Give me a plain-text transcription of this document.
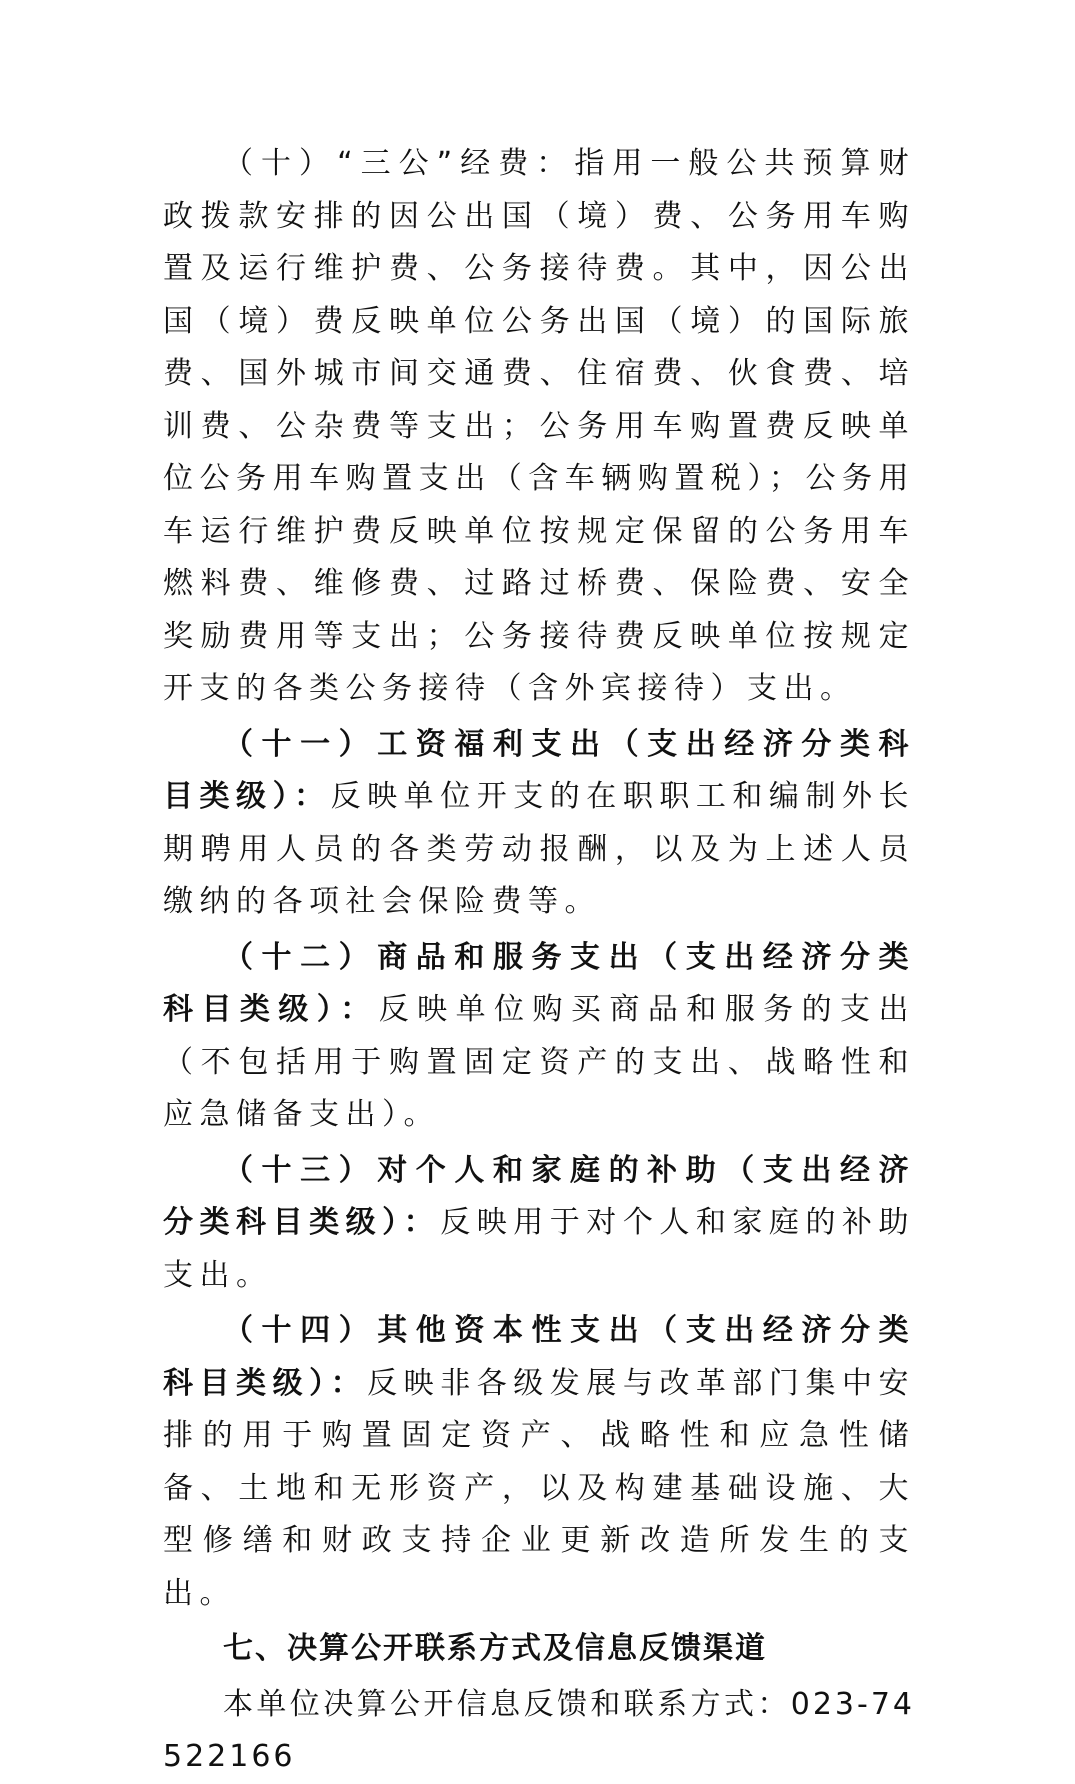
（十）“三公”经费：指用一般公共预算财政拨款安排的因公出国（境）费、公务用车购置及运行维护费、公务接待费。其中，因公出国（境）费反映单位公务出国（境）的国际旅费、国外城市间交通费、住宿费、伙食费、培训费、公杂费等支出；公务用车购置费反映单位公务用车购置支出（含车辆购置税）；公务用车运行维护费反映单位按规定保留的公务用车燃料费、维修费、过路过桥费、保险费、安全奖励费用等支出；公务接待费反映单位按规定开支的各类公务接待（含外宾接待）支出。

（十一）工资福利支出（支出经济分类科目类级）：反映单位开支的在职职工和编制外长期聘用人员的各类劳动报酬，以及为上述人员缴纳的各项社会保险费等。

（十二）商品和服务支出（支出经济分类科目类级）：反映单位购买商品和服务的支出（不包括用于购置固定资产的支出、战略性和应急储备支出）。

（十三）对个人和家庭的补助（支出经济分类科目类级）：反映用于对个人和家庭的补助支出。

（十四）其他资本性支出（支出经济分类科目类级）：反映非各级发展与改革部门集中安排的用于购置固定资产、战略性和应急性储备、土地和无形资产，以及构建基础设施、大型修缮和财政支持企业更新改造所发生的支出。

七、决算公开联系方式及信息反馈渠道

本单位决算公开信息反馈和联系方式：023-74522166
